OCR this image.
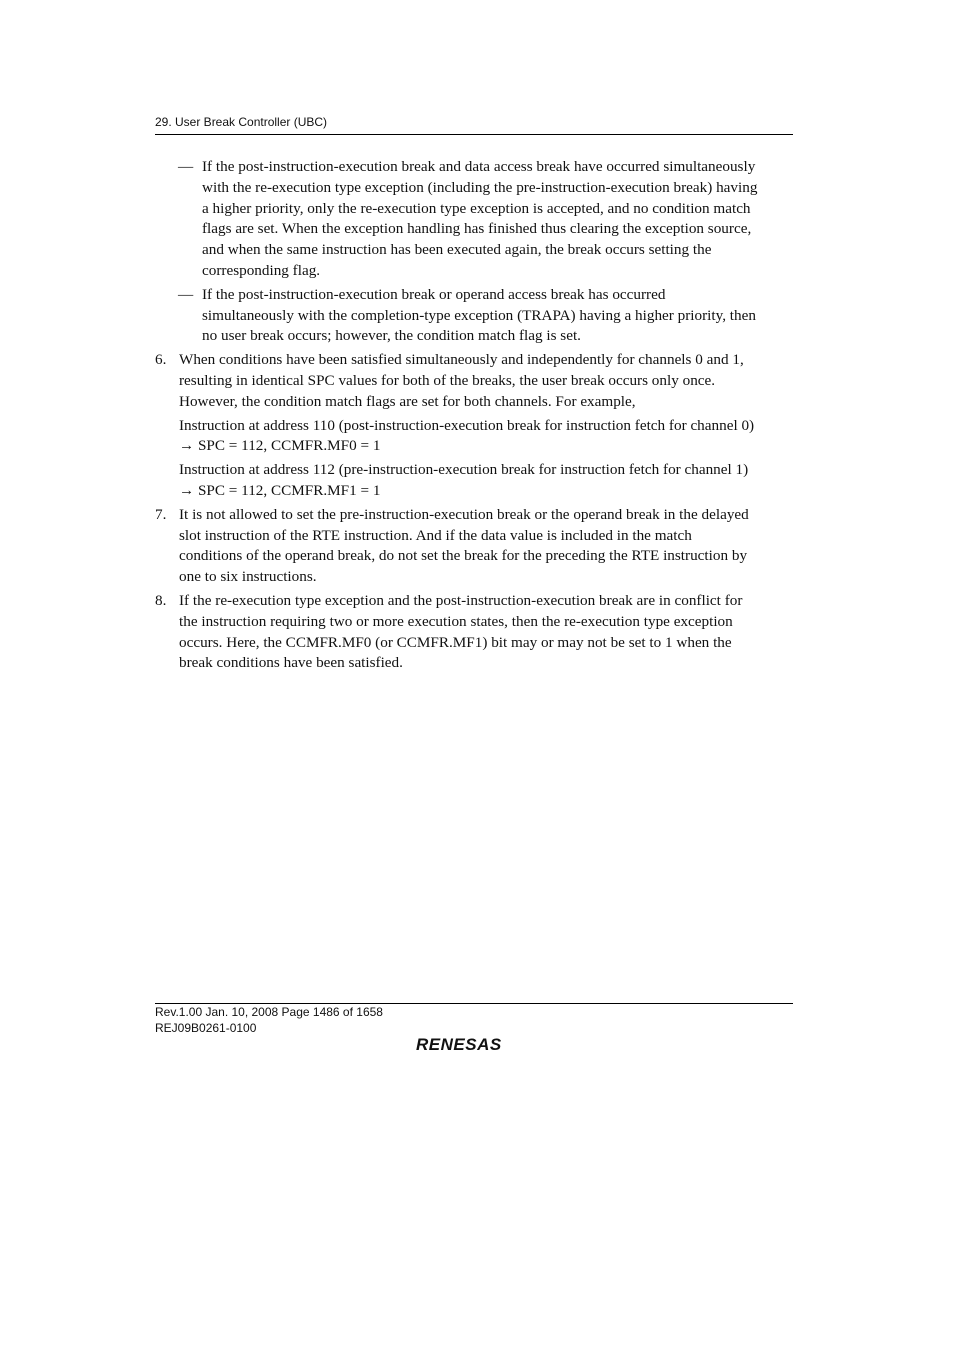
29. User Break Controller (UBC)
— If the post-instruction-execution break and data access break have occurred simultaneously
with the re-execution type exception (including the pre-instruction-execution break) having
a higher priority, only the re-execution type exception is accepted, and no condition match
flags are set. When the exception handling has finished thus clearing the exception source,
and when the same instruction has been executed again, the break occurs setting the
corresponding flag.
— If the post-instruction-execution break or operand access break has occurred
simultaneously with the completion-type exception (TRAPA) having a higher priority, then
no user break occurs; however, the condition match flag is set.
6. When conditions have been satisfied simultaneously and independently for channels 0 and 1,
resulting in identical SPC values for both of the breaks, the user break occurs only once.
However, the condition match flags are set for both channels. For example,
Instruction at address 110 (post-instruction-execution break for instruction fetch for channel 0)
→ SPC = 112, CCMFR.MF0 = 1
Instruction at address 112 (pre-instruction-execution break for instruction fetch for channel 1)
→ SPC = 112, CCMFR.MF1 = 1
7. It is not allowed to set the pre-instruction-execution break or the operand break in the delayed
slot instruction of the RTE instruction. And if the data value is included in the match
conditions of the operand break, do not set the break for the preceding the RTE instruction by
one to six instructions.
8. If the re-execution type exception and the post-instruction-execution break are in conflict for
the instruction requiring two or more execution states, then the re-execution type exception
occurs. Here, the CCMFR.MF0 (or CCMFR.MF1) bit may or may not be set to 1 when the
break conditions have been satisfied.
Rev.1.00 Jan. 10, 2008 Page 1486 of 1658
REJ09B0261-0100
RENESAS
